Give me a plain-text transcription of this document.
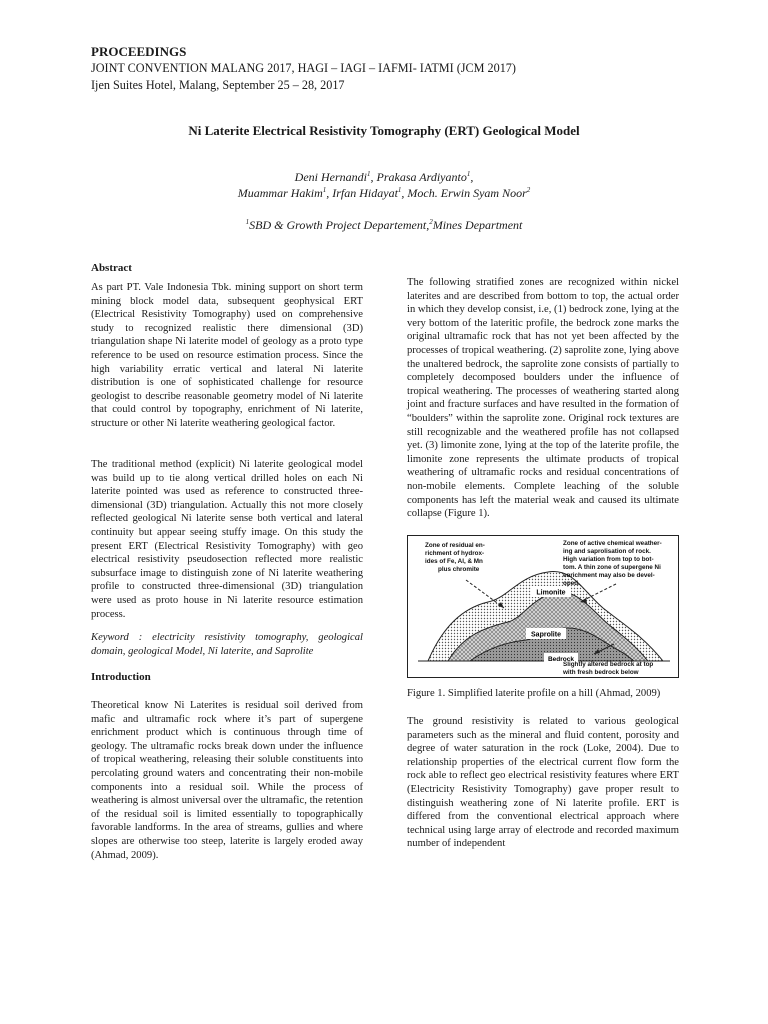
PROCEEDINGS
JOINT CONVENTION MALANG 2017, HAGI – IAGI – IAFMI- IATMI (JCM 2017)
Ijen Suites Hotel, Malang, September 25 – 28, 2017
Ni Laterite Electrical Resistivity Tomography (ERT) Geological Model
Deni Hernandi$^1$, Prakasa Ardiyanto$^1$,
Muammar Hakim$^1$, Irfan Hidayat$^1$, Moch. Erwin Syam Noor$^2$
$^1$SBD & Growth Project Departement,$^2$Mines Department

Abstract

As part PT. Vale Indonesia Tbk. mining support on short term mining block model data, subsequent geophysical ERT (Electrical Resistivity Tomography) used on comprehensive study to recognized realistic there dimensional (3D) triangulation shape Ni laterite model of geology as a proto type reference to be used on resource estimation process. Since the high variability erratic vertical and lateral Ni laterite distribution is one of sophisticated challenge for resource geologist to describe reasonable geometry model of Ni laterite that could control by topography, enrichment of Ni laterite, structure or other Ni laterite weathering geological factor.

The traditional method (explicit) Ni laterite geological model was build up to tie along vertical drilled holes on each Ni laterite pointed was used as reference to constructed three-dimensional (3D) triangulation. Actually this not more closely reflected geological Ni laterite sense both vertical and lateral continuity but appear seeing stuffy image. On this study the present ERT (Electrical Resistivity Tomography) with geo electrical resistivity pseudosection reflected more realistic subsurface image to distinguish zone of Ni laterite weathering profile to constructed three-dimensional (3D) triangulation were used as proto house in Ni laterite resource estimation process.

Keyword : electricity resistivity tomography, geological domain, geological Model, Ni laterite, and Saprolite

Introduction

Theoretical know Ni Laterites is residual soil derived from mafic and ultramafic rock where it’s part of supergene enrichment product which is continuous through time of geology. The ultramafic rocks break down under the influence of tropical weathering, releasing their soluble constituents into percolating ground waters and concentrating their non-mobile components into a residual soil. While the process of weathering is almost universal over the ultramafic, the retention of the residual soil is limited essentially to topographically favorable landforms. In the area of streams, gullies and where slopes are otherwise too steep, laterite is largely eroded away (Ahmad, 2009).

The following stratified zones are recognized within nickel laterites and are described from bottom to top, the actual order in which they develop consist, i.e, (1) bedrock zone, lying at the very bottom of the lateritic profile, the bedrock zone marks the original ultramafic rock that has not yet been affected by the processes of tropical weathering. (2) saprolite zone, lying above the unaltered bedrock, the saprolite zone consists of partially to completely decomposed boulders under the influence of tropical weathering. The processes of weathering started along joint and fracture surfaces and have resulted in the formation of “boulders” within the saprolite zone. Original rock textures are still recognizable and the weathered profile has not collapsed yet. (3) limonite zone, lying at the top of the laterite profile, the limonite zone represents the ultimate products of tropical weathering of ultramafic rocks and residual concentrations of non-mobile elements. Complete leaching of the soluble components has left the material weak and caused its ultimate collapse (Figure 1).

Limonite
Saprolite
Bedrock
Zone of residual en-
richment of hydrox-
ides of Fe, Al, & Mn
plus chromite
Zone of active chemical weather-
ing and saprolisation of rock.
High variation from top to bot-
tom. A thin zone of supergene Ni
enrichment may also be devel-
oped.
Slightly altered bedrock at top
with fresh bedrock below

Figure 1. Simplified laterite profile on a hill (Ahmad, 2009)

The ground resistivity is related to various geological parameters such as the mineral and fluid content, porosity and degree of water saturation in the rock (Loke, 2004). Due to relationship properties of the electrical current flow form the rock able to reflect geo electrical resistivity features where ERT (Electricity Resistivity Tomography) gave proper result to distinguish weathering zone of Ni laterite profile. ERT is differed from the conventional electrical approach where technical using large array of electrode and recorded maximum number of independent
